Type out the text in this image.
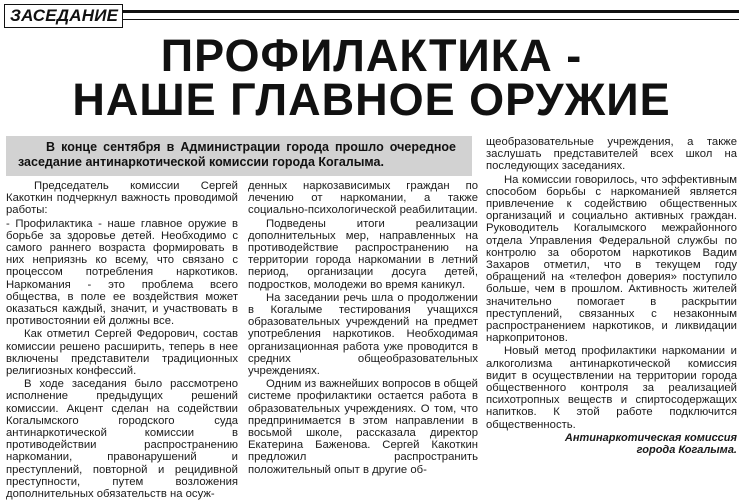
ЗАСЕДАНИЕ
ПРОФИЛАКТИКА -
НАШЕ ГЛАВНОЕ ОРУЖИЕ
В конце сентября в Администрации города прошло очередное заседание антинаркотической комиссии города Когалыма.

Председатель комиссии Сергей Какоткин подчеркнул важность проводимой работы:

- Профилактика - наше главное оружие в борьбе за здоровье детей. Необходимо с самого раннего возраста формировать в них неприязнь ко всему, что связано с процессом потребления наркотиков. Наркомания - это проблема всего общества, в поле ее воздействия может оказаться каждый, значит, и участвовать в противостоянии ей должны все.

Как отметил Сергей Федорович, состав комиссии решено расширить, теперь в нее включены представители традиционных религиозных конфессий.

В ходе заседания было рассмотрено исполнение предыдущих решений комиссии. Акцент сделан на содействии Когалымского городского суда антинаркотической комиссии в противодействии распространению наркомании, правонарушений и преступлений, повторной и рецидивной преступности, путем возложения дополнительных обязательств на осуж-

денных наркозависимых граждан по лечению от наркомании, а также социально-психологической реабилитации.

Подведены итоги реализации дополнительных мер, направленных на противодействие распространению на территории города наркомании в летний период, организации досуга детей, подростков, молодежи во время каникул.

На заседании речь шла о продолжении в Когалыме тестирования учащихся образовательных учреждений на предмет употребления наркотиков. Необходимая организационная работа уже проводится в средних общеобразовательных учреждениях.

Одним из важнейших вопросов в общей системе профилактики остается работа в образовательных учреждениях. О том, что предпринимается в этом направлении в восьмой школе, рассказала директор Екатерина Баженова. Сергей Какоткин предложил распространить положительный опыт в другие об-

щеобразовательные учреждения, а также заслушать представителей всех школ на последующих заседаниях.

На комиссии говорилось, что эффективным способом борьбы с наркоманией является привлечение к содействию общественных организаций и социально активных граждан. Руководитель Когалымского межрайонного отдела Управления Федеральной службы по контролю за оборотом наркотиков Вадим Захаров отметил, что в текущем году обращений на «телефон доверия» поступило больше, чем в прошлом. Активность жителей значительно помогает в раскрытии преступлений, связанных с незаконным распространением наркотиков, и ликвидации наркопритонов.

Новый метод профилактики наркомании и алкоголизма антинаркотической комиссия видит в осуществлении на территории города общественного контроля за реализацией психотропных веществ и спиртосодержащих напитков. К этой работе подключится общественность.

Антинаркотическая комиссия
города Когалыма.
